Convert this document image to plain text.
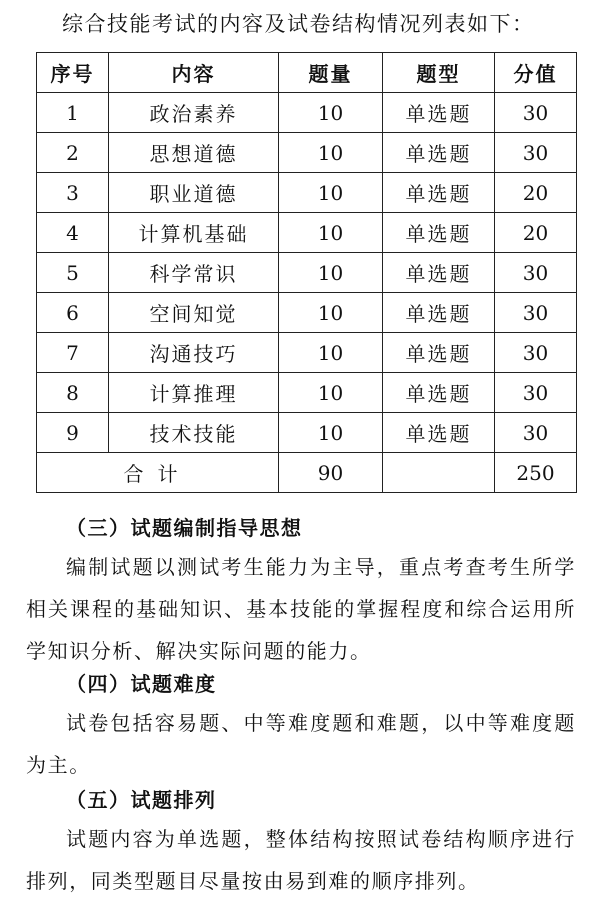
综合技能考试的内容及试卷结构情况列表如下：
序号	内容	题量	题型	分值
1	政治素养	10	单选题	30
2	思想道德	10	单选题	30
3	职业道德	10	单选题	20
4	计算机基础	10	单选题	20
5	科学常识	10	单选题	30
6	空间知觉	10	单选题	30
7	沟通技巧	10	单选题	30
8	计算推理	10	单选题	30
9	技术技能	10	单选题	30
合计		90		250
（三）试题编制指导思想
编制试题以测试考生能力为主导，重点考查考生所学相关课程的基础知识、基本技能的掌握程度和综合运用所学知识分析、解决实际问题的能力。
（四）试题难度
试卷包括容易题、中等难度题和难题，以中等难度题为主。
（五）试题排列
试题内容为单选题，整体结构按照试卷结构顺序进行排列，同类型题目尽量按由易到难的顺序排列。
